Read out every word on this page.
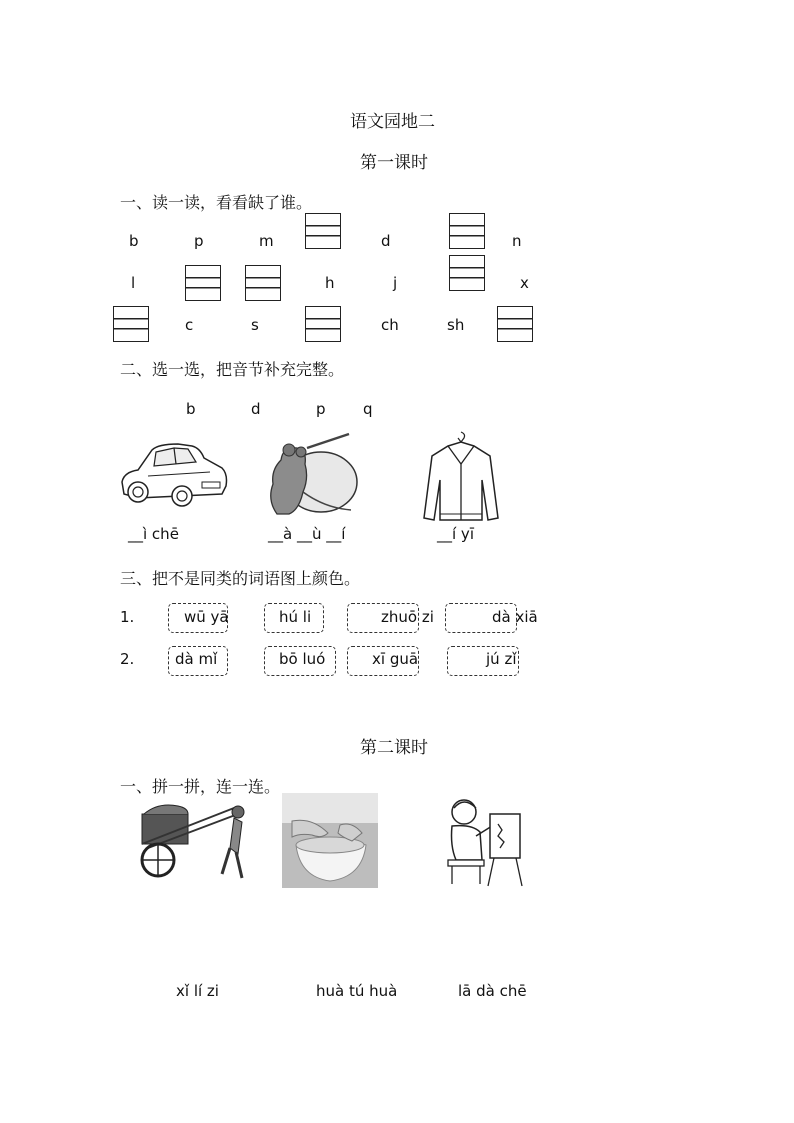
语文园地二
第一课时
一、读一读，看看缺了谁。
b	p	m	d	n
l	h	j	x
c	s	ch	sh
二、选一选，把音节补充完整。
b	d	p q
__ì chē	__à __ù __í	__í yī
三、把不是同类的词语图上颜色。
1.	wū yā	hú li	zhuō zi	dà xiā
2.	dà mǐ	bō luó	xī guā	jú zǐ
第二课时
一、拼一拼，连一连。
xǐ lí zi	huà tú huà	lā dà chē
